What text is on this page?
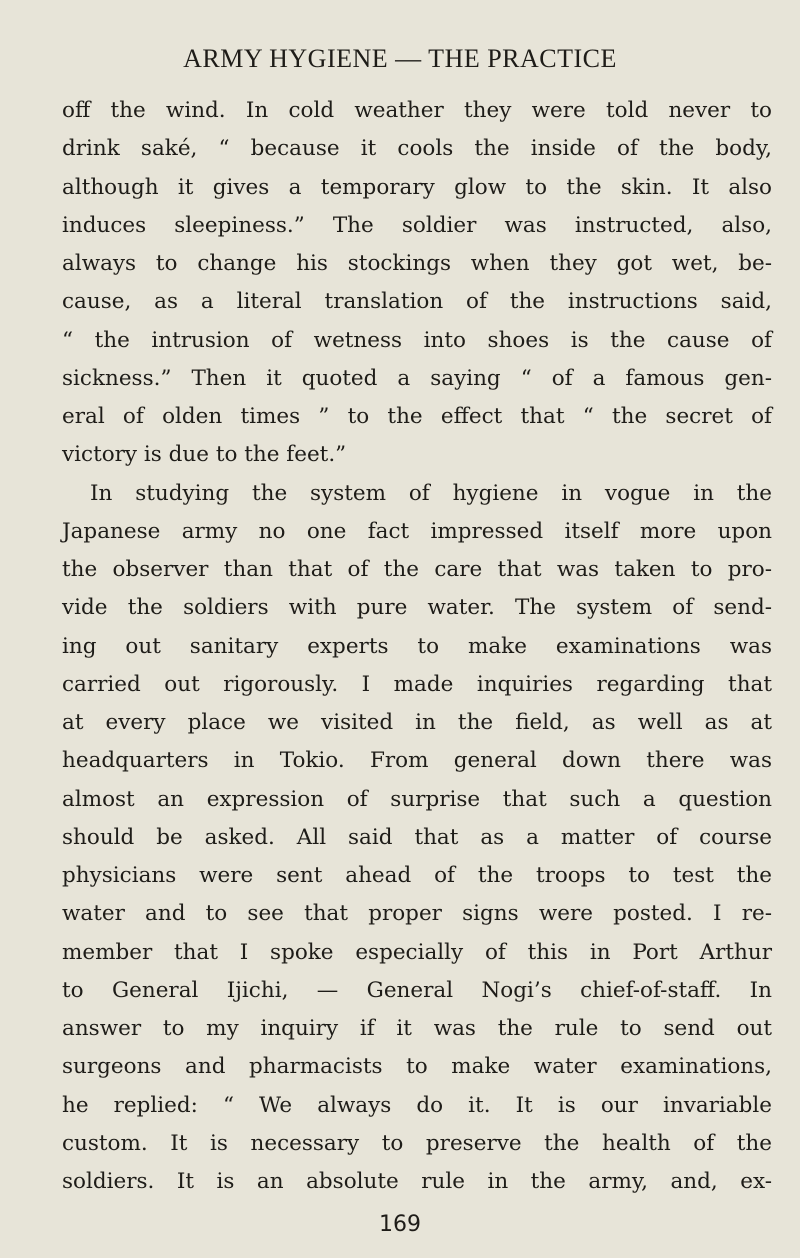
ARMY HYGIENE — THE PRACTICE
off the wind. In cold weather they were told never to
drink saké, “ because it cools the inside of the body,
although it gives a temporary glow to the skin. It also
induces sleepiness.” The soldier was instructed, also,
always to change his stockings when they got wet, be-
cause, as a literal translation of the instructions said,
“ the intrusion of wetness into shoes is the cause of
sickness.” Then it quoted a saying “ of a famous gen-
eral of olden times ” to the effect that “ the secret of
victory is due to the feet.”
In studying the system of hygiene in vogue in the
Japanese army no one fact impressed itself more upon
the observer than that of the care that was taken to pro-
vide the soldiers with pure water. The system of send-
ing out sanitary experts to make examinations was
carried out rigorously. I made inquiries regarding that
at every place we visited in the field, as well as at
headquarters in Tokio. From general down there was
almost an expression of surprise that such a question
should be asked. All said that as a matter of course
physicians were sent ahead of the troops to test the
water and to see that proper signs were posted. I re-
member that I spoke especially of this in Port Arthur
to General Ijichi, — General Nogi’s chief-of-staff. In
answer to my inquiry if it was the rule to send out
surgeons and pharmacists to make water examinations,
he replied: “ We always do it. It is our invariable
custom. It is necessary to preserve the health of the
soldiers. It is an absolute rule in the army, and, ex-
169
